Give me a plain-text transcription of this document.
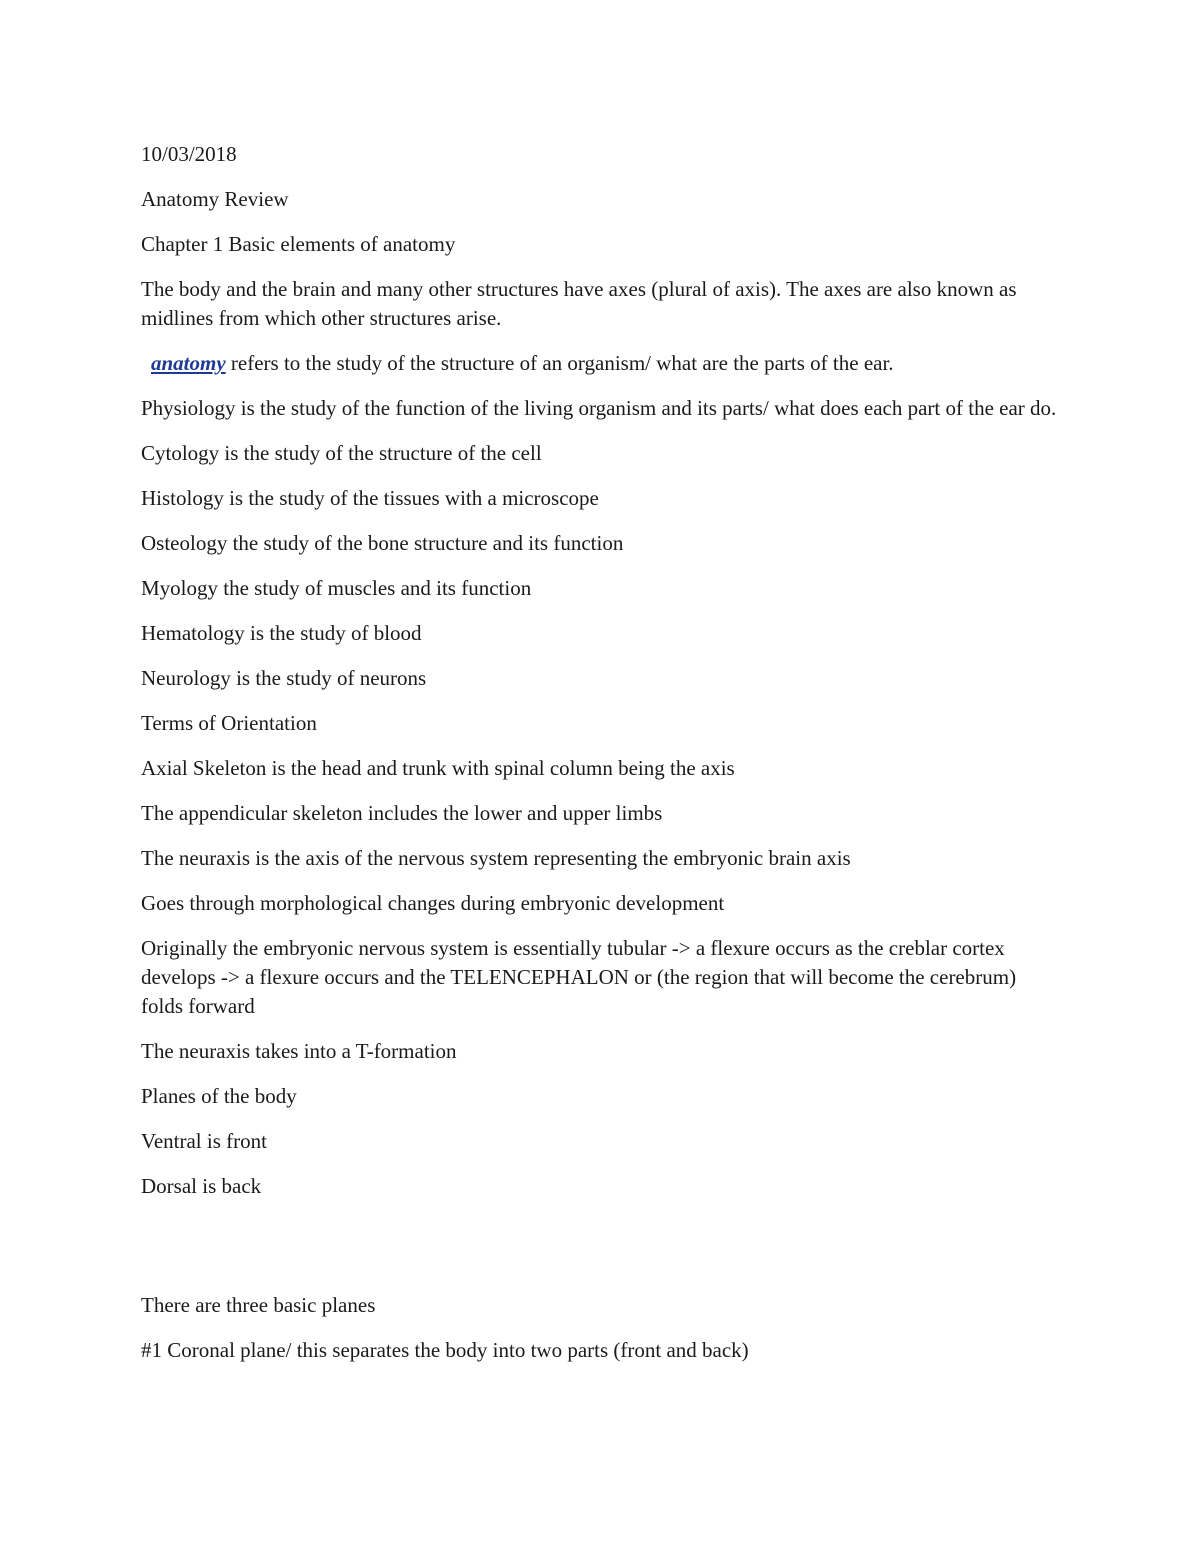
10/03/2018

Anatomy Review

Chapter 1 Basic elements of anatomy

The body and the brain and many other structures have axes (plural of axis). The axes are also known as midlines from which other structures arise.

anatomy refers to the study of the structure of an organism/ what are the parts of the ear.

Physiology is the study of the function of the living organism and its parts/ what does each part of the ear do.

Cytology is the study of the structure of the cell

Histology is the study of the tissues with a microscope

Osteology the study of the bone structure and its function

Myology the study of muscles and its function

Hematology is the study of blood

Neurology is the study of neurons

Terms of Orientation

Axial Skeleton is the head and trunk with spinal column being the axis

The appendicular skeleton includes the lower and upper limbs

The neuraxis is the axis of the nervous system representing the embryonic brain axis

Goes through morphological changes during embryonic development

Originally the embryonic nervous system is essentially tubular -> a flexure occurs as the creblar cortex develops -> a flexure occurs and the TELENCEPHALON or (the region that will become the cerebrum) folds forward

The neuraxis takes into a T-formation

Planes of the body

Ventral is front

Dorsal is back

There are three basic planes

#1 Coronal plane/ this separates the body into two parts (front and back)
